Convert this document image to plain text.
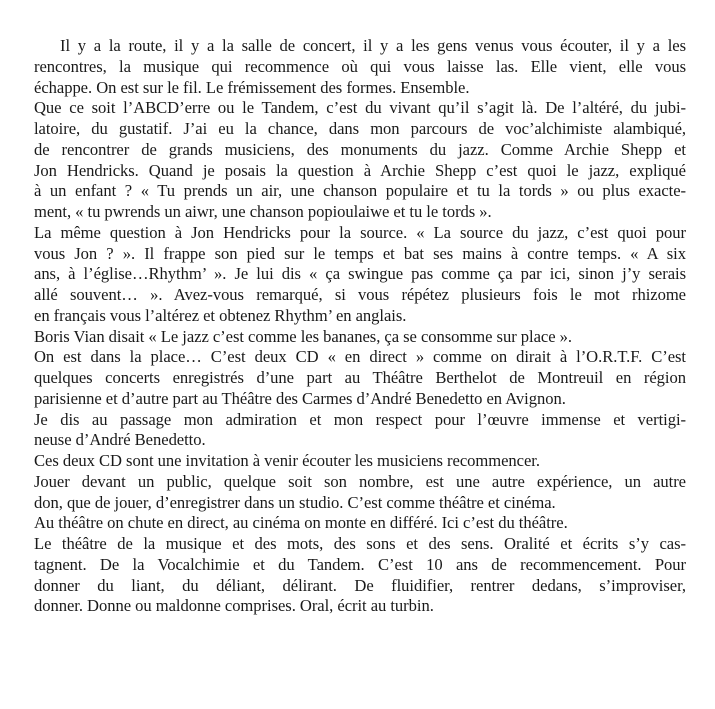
Il y a la route, il y a la salle de concert, il y a les gens venus vous écouter, il y a les
rencontres, la musique qui recommence où qui vous laisse las. Elle vient, elle vous
échappe. On est sur le fil. Le frémissement des formes. Ensemble.
Que ce soit l’ABCD’erre ou le Tandem, c’est du vivant qu’il s’agit là. De l’altéré, du jubi-
latoire, du gustatif. J’ai eu la chance, dans mon parcours de voc’alchimiste alambiqué,
de rencontrer de grands musiciens, des monuments du jazz. Comme Archie Shepp et
Jon Hendricks. Quand je posais la question à Archie Shepp c’est quoi le jazz, expliqué
à un enfant ? « Tu prends un air, une chanson populaire et tu la tords » ou plus exacte-
ment, « tu pwrends un aiwr, une chanson popioulaiwe et tu le tords ».
La même question à Jon Hendricks pour la source. « La source du jazz, c’est quoi pour
vous Jon ? ». Il frappe son pied sur le temps et bat ses mains à contre temps. « A six
ans, à l’église…Rhythm’ ». Je lui dis « ça swingue pas comme ça par ici, sinon j’y serais
allé souvent… ». Avez-vous remarqué, si vous répétez plusieurs fois le mot rhizome
en français vous l’altérez et obtenez Rhythm’ en anglais.
Boris Vian disait « Le jazz c’est comme les bananes, ça se consomme sur place ».
On est dans la place… C’est deux CD « en direct » comme on dirait à l’O.R.T.F. C’est
quelques concerts enregistrés d’une part au Théâtre Berthelot de Montreuil en région
parisienne et d’autre part au Théâtre des Carmes d’André Benedetto en Avignon.
Je dis au passage mon admiration et mon respect pour l’œuvre immense et vertigi-
neuse d’André Benedetto.
Ces deux CD sont une invitation à venir écouter les musiciens recommencer.
Jouer devant un public, quelque soit son nombre, est une autre expérience, un autre
don, que de jouer, d’enregistrer dans un studio. C’est comme théâtre et cinéma.
Au théâtre on chute en direct, au cinéma on monte en différé. Ici c’est du théâtre.
Le théâtre de la musique et des mots, des sons et des sens. Oralité et écrits s’y cas-
tagnent. De la Vocalchimie et du Tandem. C’est 10 ans de recommencement. Pour
donner du liant, du déliant, délirant. De fluidifier, rentrer dedans, s’improviser,
donner. Donne ou maldonne comprises. Oral, écrit au turbin.
